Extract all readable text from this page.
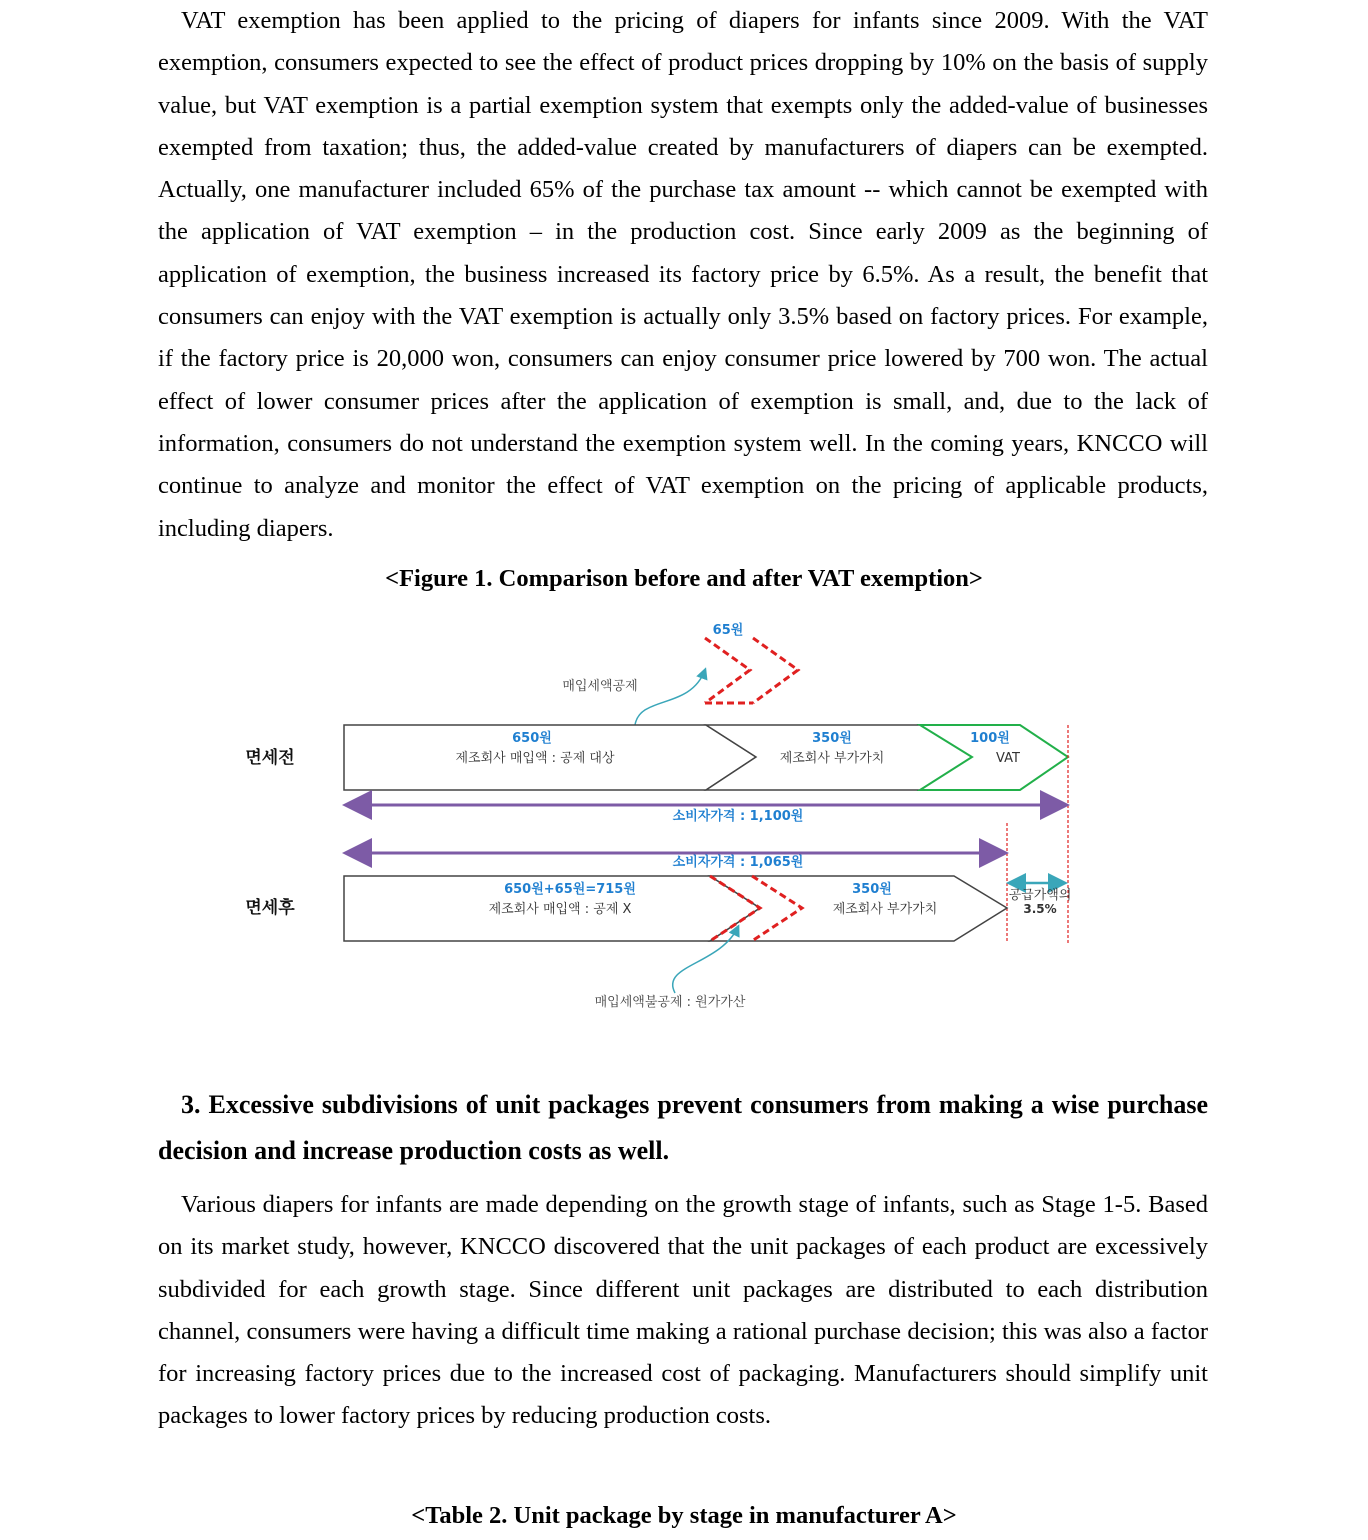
VAT exemption has been applied to the pricing of diapers for infants since 2009. With the VAT exemption, consumers expected to see the effect of product prices dropping by 10% on the basis of supply value, but VAT exemption is a partial exemption system that exempts only the added-value of businesses exempted from taxation; thus, the added-value created by manufacturers of diapers can be exempted. Actually, one manufacturer included 65% of the purchase tax amount -- which cannot be exempted with the application of VAT exemption – in the production cost. Since early 2009 as the beginning of application of exemption, the business increased its factory price by 6.5%. As a result, the benefit that consumers can enjoy with the VAT exemption is actually only 3.5% based on factory prices. For example, if the factory price is 20,000 won, consumers can enjoy consumer price lowered by 700 won. The actual effect of lower consumer prices after the application of exemption is small, and, due to the lack of information, consumers do not understand the exemption system well. In the coming years, KNCCO will continue to analyze and monitor the effect of VAT exemption on the pricing of applicable products, including diapers.

<Figure 1. Comparison before and after VAT exemption>
65원
매입세액공제
면세전
면세후
650원
제조회사 매입액 : 공제 대상
350원
제조회사 부가가치
100원
VAT
소비자가격 : 1,100원
소비자가격 : 1,065원
650원+65원=715원
제조회사 매입액 : 공제 X
350원
제조회사 부가가치
공급가액의
3.5%
매입세액불공제 : 원가가산

3. Excessive subdivisions of unit packages prevent consumers from making a wise purchase decision and increase production costs as well.

Various diapers for infants are made depending on the growth stage of infants, such as Stage 1-5. Based on its market study, however, KNCCO discovered that the unit packages of each product are excessively subdivided for each growth stage. Since different unit packages are distributed to each distribution channel, consumers were having a difficult time making a rational purchase decision; this was also a factor for increasing factory prices due to the increased cost of packaging. Manufacturers should simplify unit packages to lower factory prices by reducing production costs.

<Table 2. Unit package by stage in manufacturer A>
